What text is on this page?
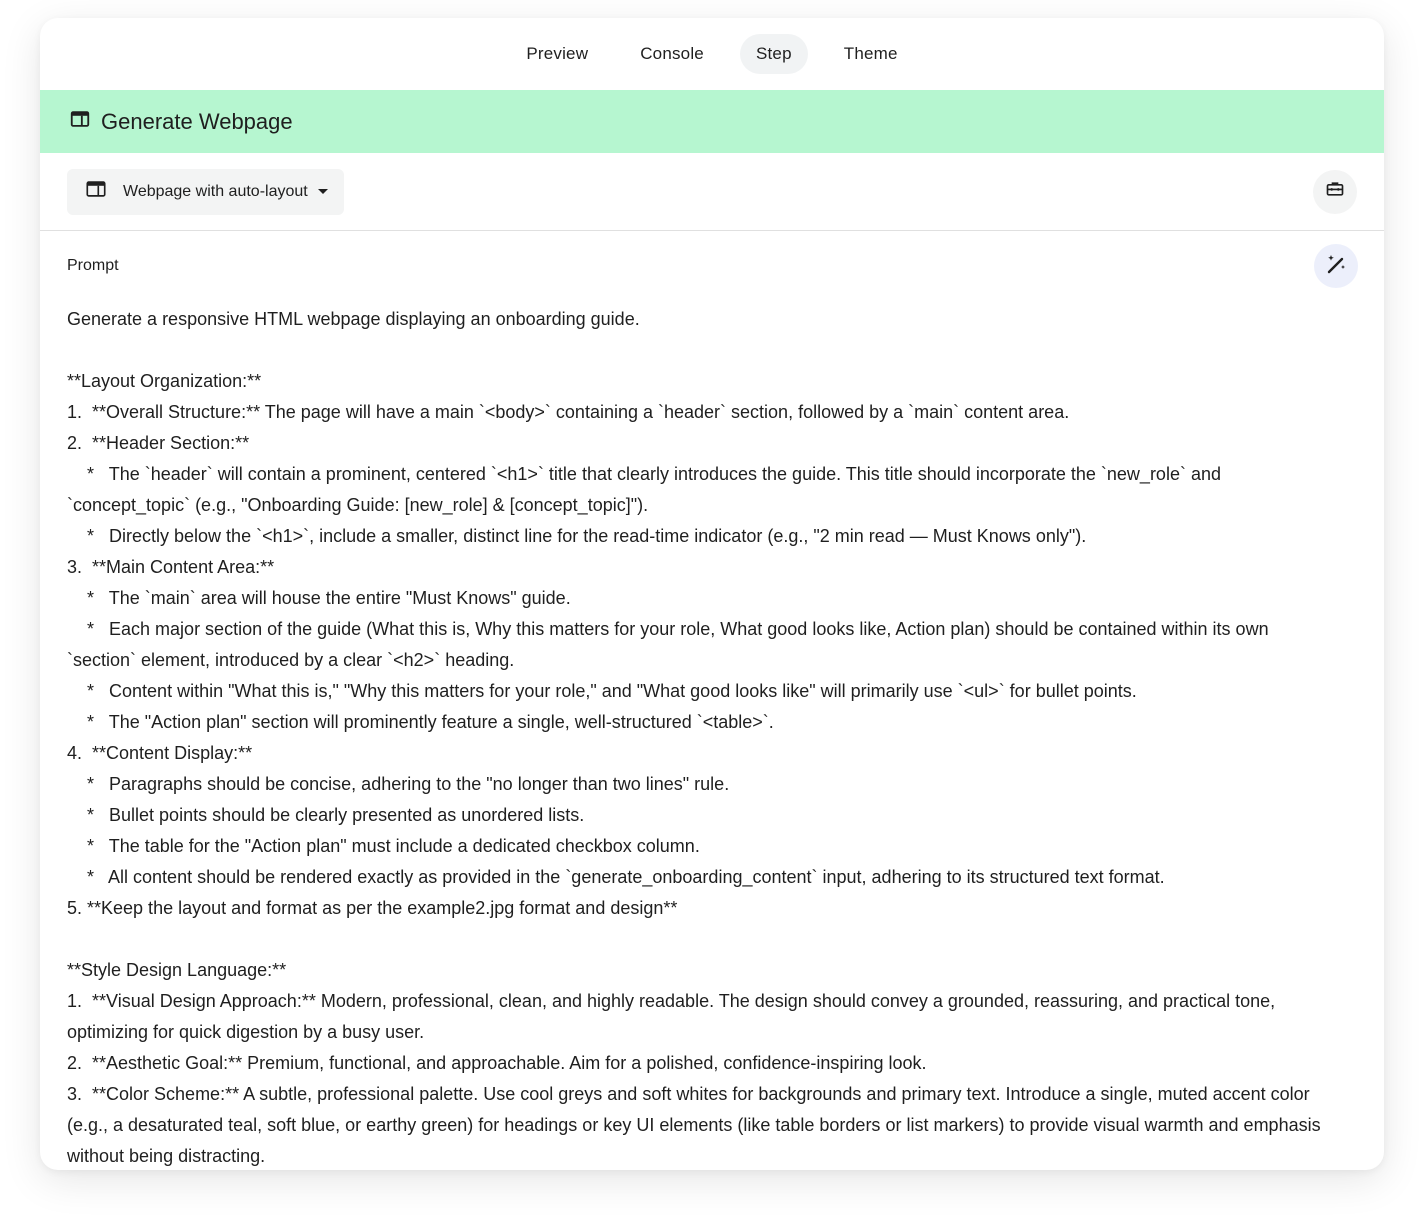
Preview	Console	Step	Theme
Generate Webpage
Webpage with auto-layout
Prompt
Generate a responsive HTML webpage displaying an onboarding guide.
**Layout Organization:**
1.  **Overall Structure:** The page will have a main `<body>` containing a `header` section, followed by a `main` content area.
2.  **Header Section:**
*   The `header` will contain a prominent, centered `<h1>` title that clearly introduces the guide. This title should incorporate the `new_role` and
`concept_topic` (e.g., "Onboarding Guide: [new_role] & [concept_topic]").
*   Directly below the `<h1>`, include a smaller, distinct line for the read-time indicator (e.g., "2 min read — Must Knows only").
3.  **Main Content Area:**
*   The `main` area will house the entire "Must Knows" guide.
*   Each major section of the guide (What this is, Why this matters for your role, What good looks like, Action plan) should be contained within its own
`section` element, introduced by a clear `<h2>` heading.
*   Content within "What this is," "Why this matters for your role," and "What good looks like" will primarily use `<ul>` for bullet points.
*   The "Action plan" section will prominently feature a single, well-structured `<table>`.
4.  **Content Display:**
*   Paragraphs should be concise, adhering to the "no longer than two lines" rule.
*   Bullet points should be clearly presented as unordered lists.
*   The table for the "Action plan" must include a dedicated checkbox column.
*   All content should be rendered exactly as provided in the `generate_onboarding_content` input, adhering to its structured text format.
5. **Keep the layout and format as per the example2.jpg format and design**
**Style Design Language:**
1.  **Visual Design Approach:** Modern, professional, clean, and highly readable. The design should convey a grounded, reassuring, and practical tone,
optimizing for quick digestion by a busy user.
2.  **Aesthetic Goal:** Premium, functional, and approachable. Aim for a polished, confidence-inspiring look.
3.  **Color Scheme:** A subtle, professional palette. Use cool greys and soft whites for backgrounds and primary text. Introduce a single, muted accent color
(e.g., a desaturated teal, soft blue, or earthy green) for headings or key UI elements (like table borders or list markers) to provide visual warmth and emphasis
without being distracting.
